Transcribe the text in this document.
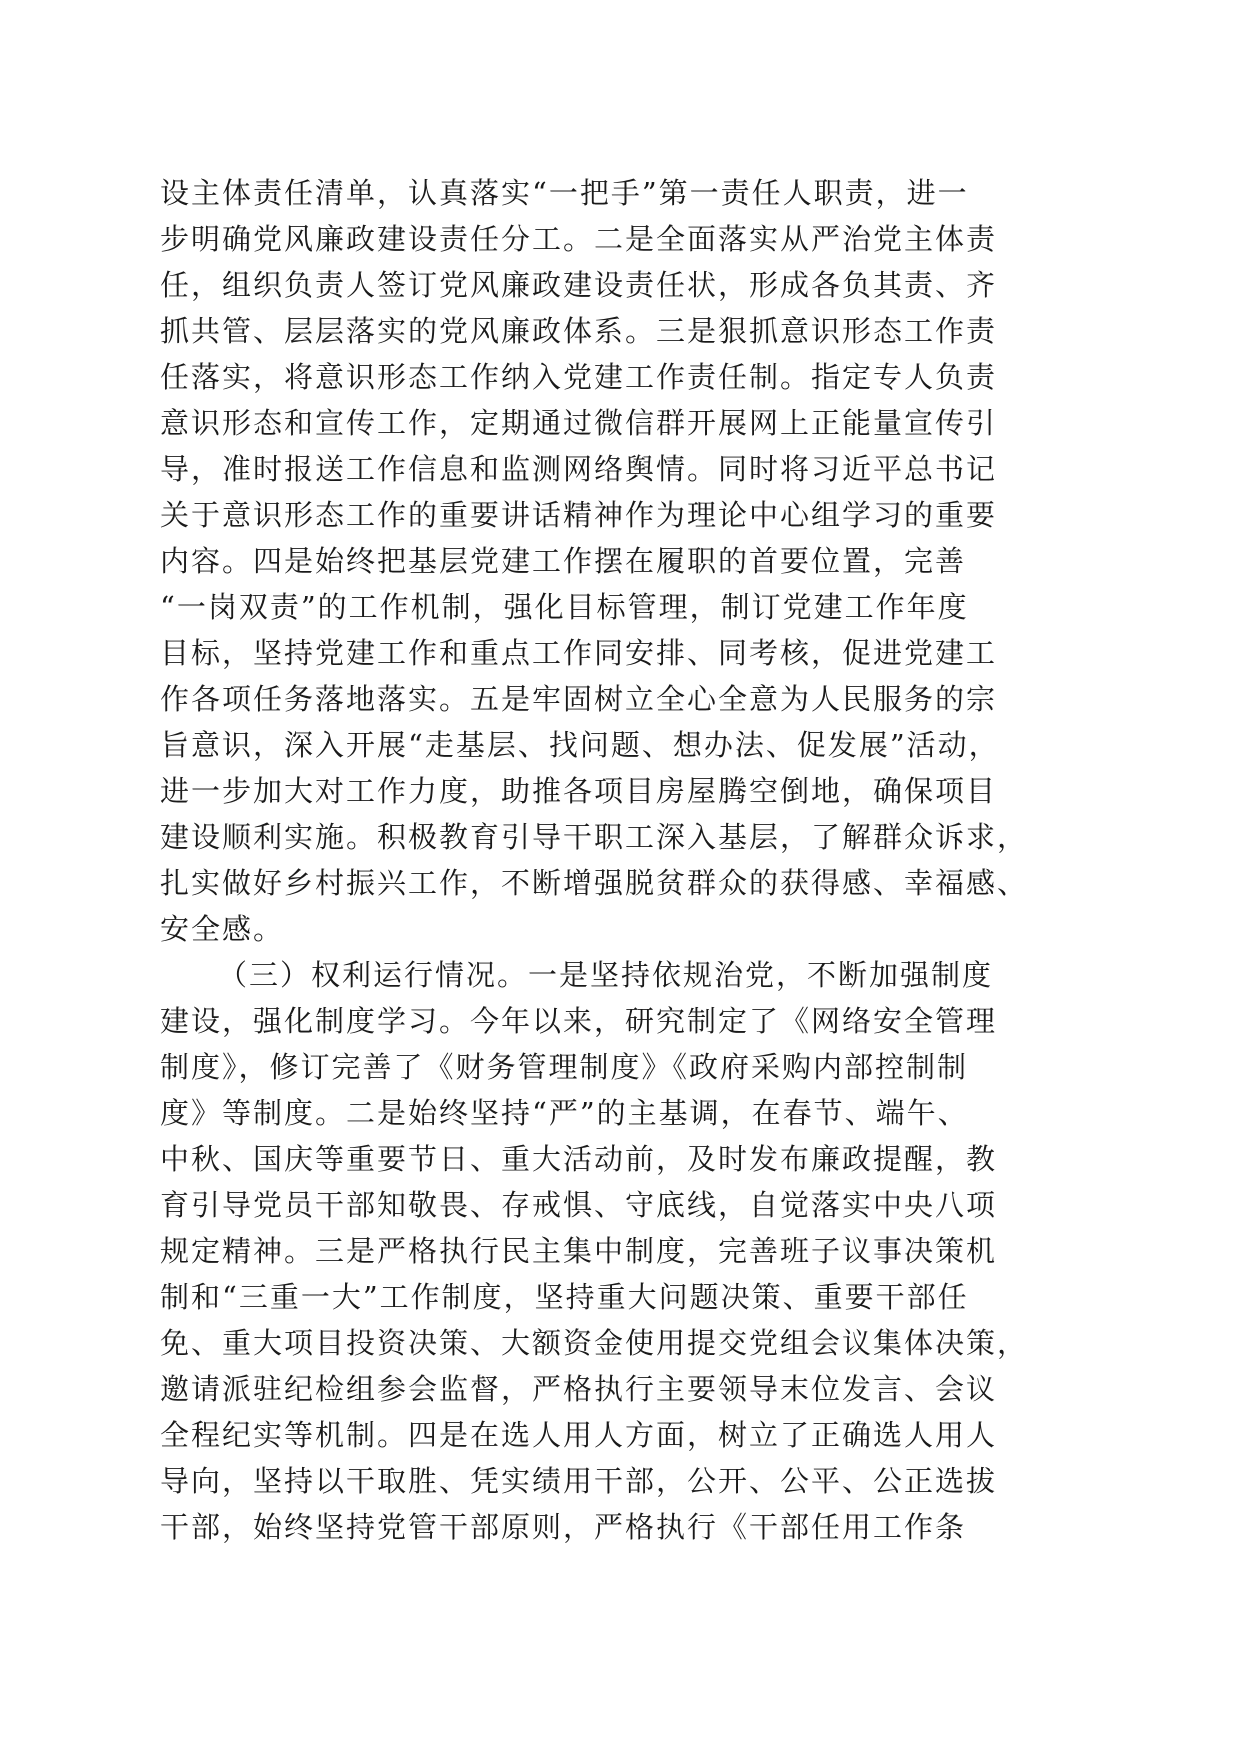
设主体责任清单，认真落实“一把手”第一责任人职责，进一
步明确党风廉政建设责任分工。二是全面落实从严治党主体责
任，组织负责人签订党风廉政建设责任状，形成各负其责、齐
抓共管、层层落实的党风廉政体系。三是狠抓意识形态工作责
任落实，将意识形态工作纳入党建工作责任制。指定专人负责
意识形态和宣传工作，定期通过微信群开展网上正能量宣传引
导，准时报送工作信息和监测网络舆情。同时将习近平总书记
关于意识形态工作的重要讲话精神作为理论中心组学习的重要
内容。四是始终把基层党建工作摆在履职的首要位置，完善
“一岗双责”的工作机制，强化目标管理，制订党建工作年度
目标，坚持党建工作和重点工作同安排、同考核，促进党建工
作各项任务落地落实。五是牢固树立全心全意为人民服务的宗
旨意识，深入开展“走基层、找问题、想办法、促发展”活动，
进一步加大对工作力度，助推各项目房屋腾空倒地，确保项目
建设顺利实施。积极教育引导干职工深入基层，了解群众诉求，
扎实做好乡村振兴工作，不断增强脱贫群众的获得感、幸福感、
安全感。
（三）权利运行情况。一是坚持依规治党，不断加强制度
建设，强化制度学习。今年以来，研究制定了《网络安全管理
制度》，修订完善了《财务管理制度》《政府采购内部控制制
度》等制度。二是始终坚持“严”的主基调，在春节、端午、
中秋、国庆等重要节日、重大活动前，及时发布廉政提醒，教
育引导党员干部知敬畏、存戒惧、守底线，自觉落实中央八项
规定精神。三是严格执行民主集中制度，完善班子议事决策机
制和“三重一大”工作制度，坚持重大问题决策、重要干部任
免、重大项目投资决策、大额资金使用提交党组会议集体决策，
邀请派驻纪检组参会监督，严格执行主要领导末位发言、会议
全程纪实等机制。四是在选人用人方面，树立了正确选人用人
导向，坚持以干取胜、凭实绩用干部，公开、公平、公正选拔
干部，始终坚持党管干部原则，严格执行《干部任用工作条
